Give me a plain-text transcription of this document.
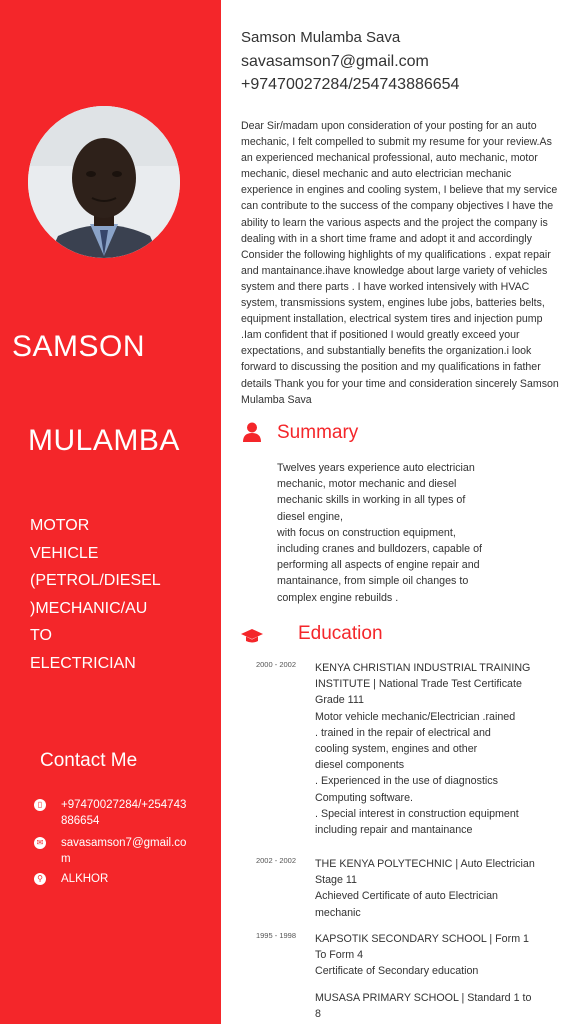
SAMSON
MULAMBA
MOTOR
VEHICLE
(PETROL/DIESEL
)MECHANIC/AU
TO
ELECTRICIAN
Contact Me
▯	+97470027284/+254743 886654
✉ savasamson7@gmail.com
⚲ ALKHOR
Samson Mulamba Sava
savasamson7@gmail.com
+97470027284/254743886654
Dear Sir/madam upon consideration of your posting for an auto mechanic, I felt compelled to submit my resume for your review.As an experienced mechanical professional, auto mechanic, motor mechanic, diesel mechanic and auto electrician mechanic experience in engines and cooling system, I believe that my service can contribute to the success of the company objectives I have the ability to learn the various aspects and the project the company is dealing with in a short time frame and adopt it and accordingly Consider the following highlights of my qualifications . expat repair and mantainance.ihave knowledge about large variety of vehicles system and there parts . I have worked intensively with HVAC system, transmissions system, engines lube jobs, batteries belts, equipment installation, electrical system tires and injection pump .Iam confident that if positioned I would greatly exceed your expectations, and substantially benefits the organization.i look forward to discussing the position and my qualifications in father details Thank you for your time and consideration sincerely Samson Mulamba Sava
Summary
Twelves years experience auto electrician
mechanic, motor mechanic and diesel
mechanic skills in working in all types of
diesel engine,
with focus on construction equipment,
including cranes and bulldozers, capable of
performing all aspects of engine repair and
mantainance, from simple oil changes to
complex engine rebuilds .
Education
2000 - 2002	KENYA CHRISTIAN INDUSTRIAL TRAINING
INSTITUTE | National Trade Test Certificate
Grade 111
Motor vehicle mechanic/Electrician .rained
. trained in the repair of electrical and
cooling system, engines and other
diesel components
. Experienced in the use of diagnostics
Computing software.
. Special interest in construction equipment
including repair and mantainance
2002 - 2002	THE KENYA POLYTECHNIC | Auto Electrician
Stage 11
Achieved Certificate of auto Electrician
mechanic
1995 - 1998	KAPSOTIK SECONDARY SCHOOL | Form 1
To Form 4
Certificate of Secondary education
MUSASA PRIMARY SCHOOL | Standard 1 to
8
